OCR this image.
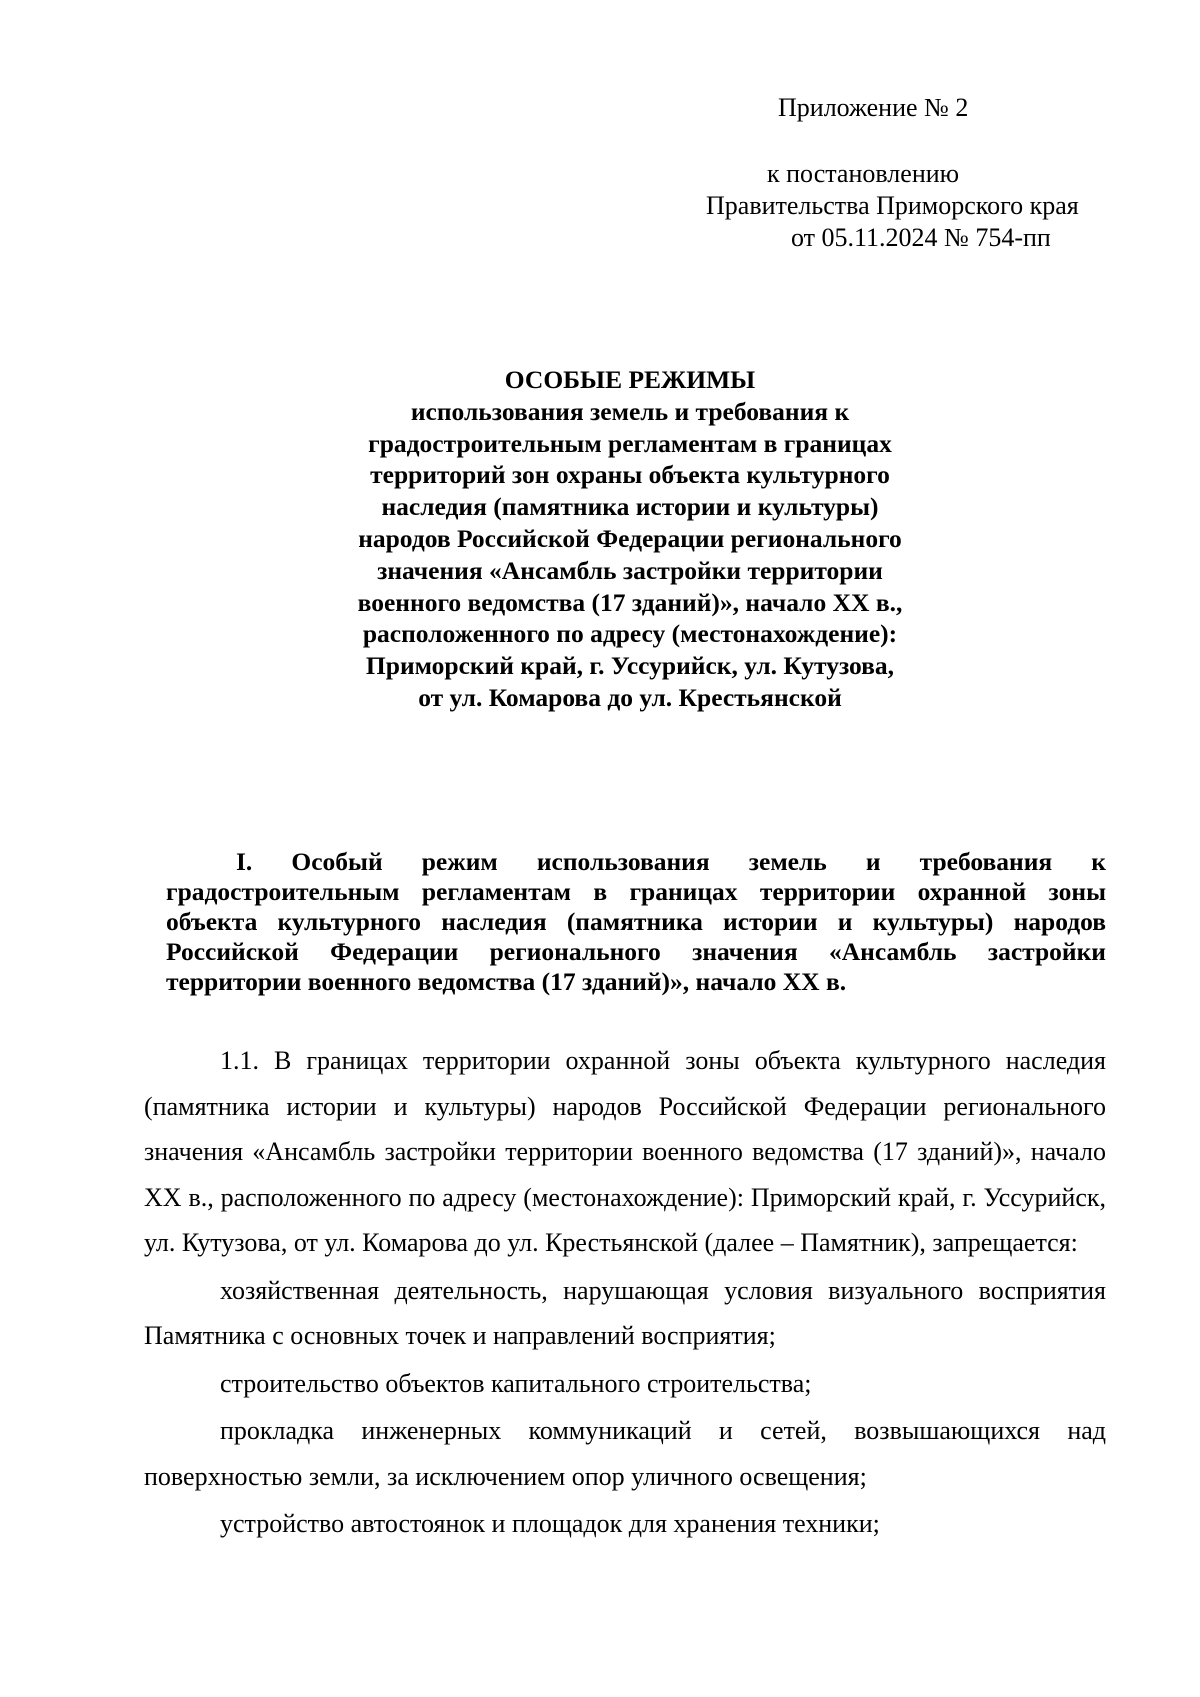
Приложение № 2
к постановлению
Правительства Приморского края
от 05.11.2024 № 754-пп
ОСОБЫЕ РЕЖИМЫ
использования земель и требования к
градостроительным регламентам в границах
территорий зон охраны объекта культурного
наследия (памятника истории и культуры)
народов Российской Федерации регионального
значения «Ансамбль застройки территории
военного ведомства (17 зданий)», начало XX в.,
расположенного по адресу (местонахождение):
Приморский край, г. Уссурийск, ул. Кутузова,
от ул. Комарова до ул. Крестьянской
I. Особый режим использования земель и требования к градостроительным регламентам в границах территории охранной зоны объекта культурного наследия (памятника истории и культуры) народов Российской Федерации регионального значения «Ансамбль застройки территории военного ведомства (17 зданий)», начало XX в.

1.1. В границах территории охранной зоны объекта культурного наследия (памятника истории и культуры) народов Российской Федерации регионального значения «Ансамбль застройки территории военного ведомства (17 зданий)», начало XX в., расположенного по адресу (местонахождение): Приморский край, г. Уссурийск, ул. Кутузова, от ул. Комарова до ул. Крестьянской (далее – Памятник), запрещается:

хозяйственная деятельность, нарушающая условия визуального восприятия Памятника с основных точек и направлений восприятия;

строительство объектов капитального строительства;

прокладка инженерных коммуникаций и сетей, возвышающихся над поверхностью земли, за исключением опор уличного освещения;

устройство автостоянок и площадок для хранения техники;
